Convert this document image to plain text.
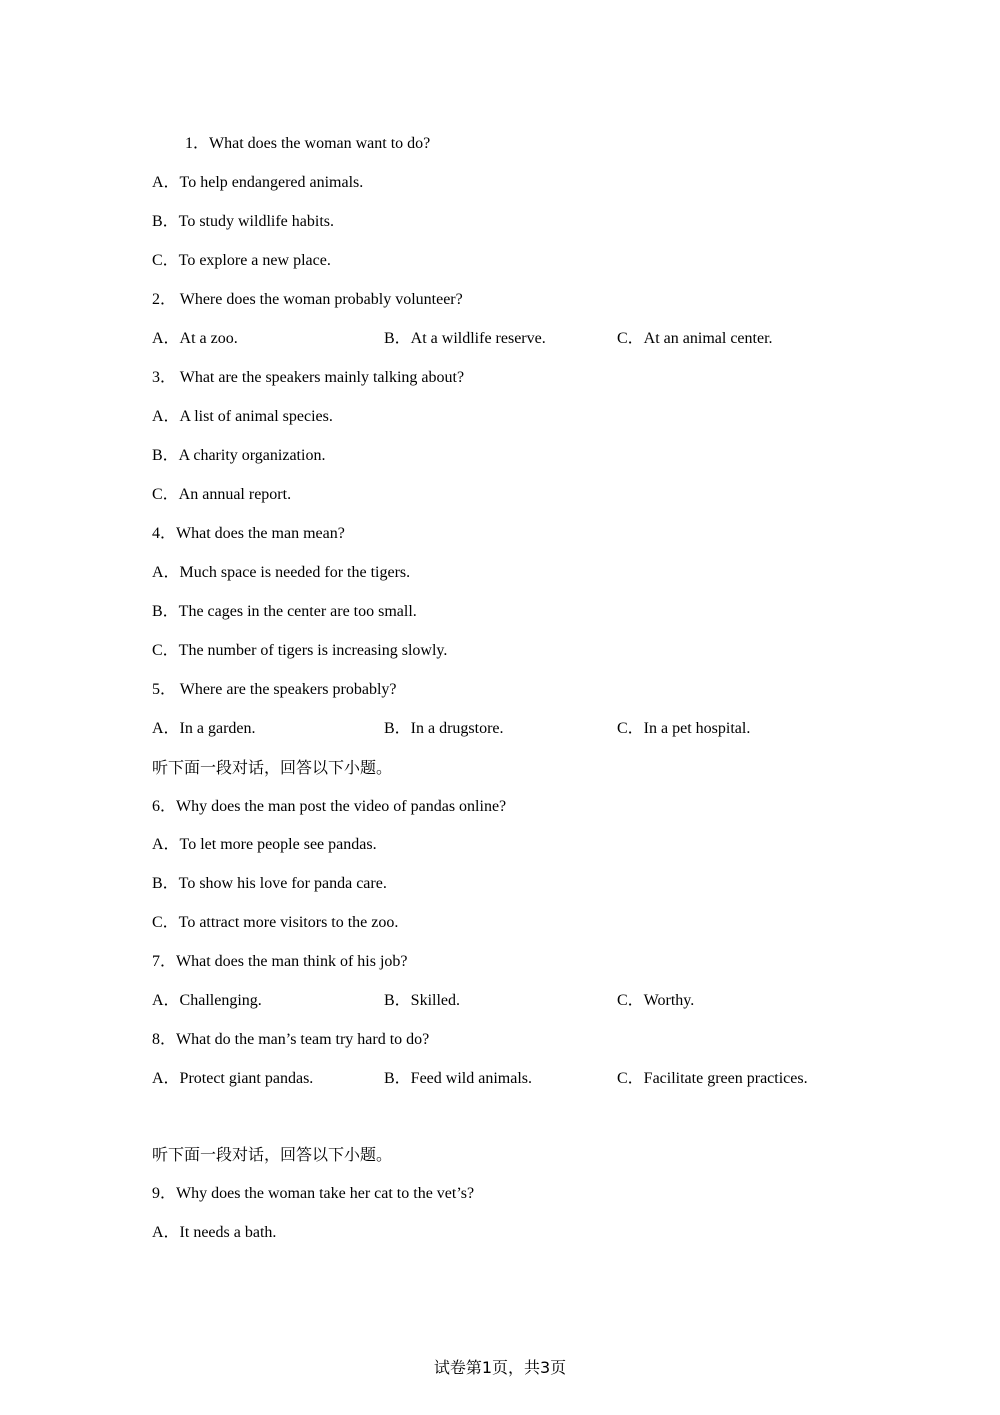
1．What does the woman want to do?
A．To help endangered animals.
B．To study wildlife habits.
C．To explore a new place.
2． Where does the woman probably volunteer?
A．At a zoo.	B．At a wildlife reserve.	C．At an animal center.
3． What are the speakers mainly talking about?
A．A list of animal species.
B．A charity organization.
C．An annual report.
4．What does the man mean?
A．Much space is needed for the tigers.
B．The cages in the center are too small.
C．The number of tigers is increasing slowly.
5． Where are the speakers probably?
A．In a garden.	B．In a drugstore.	C．In a pet hospital.
听下面一段对话，回答以下小题。
6．Why does the man post the video of pandas online?
A．To let more people see pandas.
B．To show his love for panda care.
C．To attract more visitors to the zoo.
7．What does the man think of his job?
A．Challenging.	B．Skilled.	C．Worthy.
8．What do the man’s team try hard to do?
A．Protect giant pandas.	B．Feed wild animals.	C．Facilitate green practices.
听下面一段对话，回答以下小题。
9．Why does the woman take her cat to the vet’s?
A．It needs a bath.
试卷第1页，共3页
